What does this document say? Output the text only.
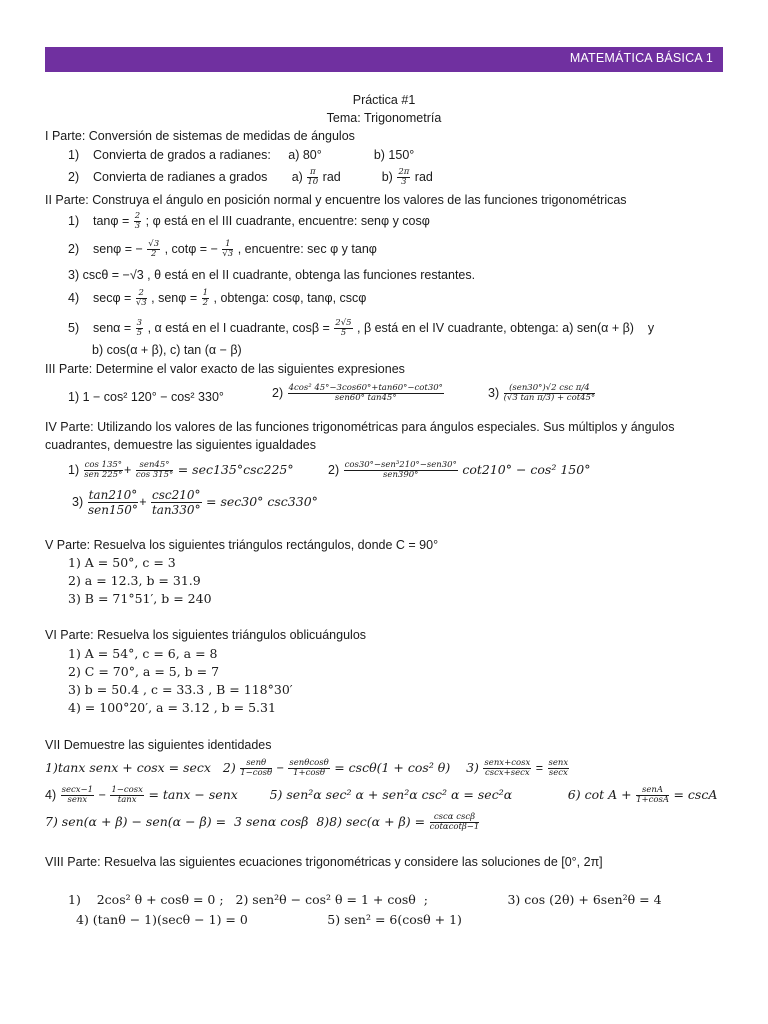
MATEMÁTICA BÁSICA 1
Práctica #1
Tema: Trigonometría
I Parte: Conversión de sistemas de medidas de ángulos
1)    Convierta de grados a radianes:     a) 80°               b) 150°
2)    Convierta de radianes a grados       $a) \frac{\pi}{10}$ rad	$b) \frac{2\pi}{3}$ rad
II Parte: Construya el ángulo en posición normal y encuentre los valores de las funciones trigonométricas
1)    $\tan\varphi = \frac{2}{3}$ ; φ está en el III cuadrante, encuentre: senφ y cosφ
2)    senφ = − $\frac{√3}{2}$ , cotφ = − $\frac{1}{√3}$ , encuentre: sec φ y tanφ
3) cscθ = −√3 , θ está en el II cuadrante, obtenga las funciones restantes.
4)    $\sec\varphi = \frac{2}{√3}$ , $sen\varphi = \frac{1}{2}$ , obtenga: cosφ, tanφ, cscφ
5)    $sen\alpha = \frac{3}{5}$ , α está en el I cuadrante, $\cos\beta = \frac{2√5}{5}$ , β está en el IV cuadrante, obtenga: a) sen(α + β)    y
b) cos(α + β), c) tan (α − β)
III Parte: Determine el valor exacto de las siguientes expresiones
1) 1 − cos² 120° − cos² 330°	$2) \frac{\text{4cos² 45°−3cos60°+tan60°−cot30°}}{\text{sen60° tan45°}}$	$3) \frac{\text{(sen30°)√2 csc π/4}}{\text{(√3 tan π/3) + cot45°}}$
IV Parte: Utilizando los valores de las funciones trigonométricas para ángulos especiales. Sus múltiplos y ángulos
cuadrantes, demuestre las siguientes igualdades
$1) \frac{\cos 135^\circ}{\text{sen 225°}} + \frac{\text{sen45°}}{\cos 315^\circ} = \sec 135^\circ\csc 225^\circ$	$2) \frac{\text{cos30°−sen³210°−sen30°}}{\text{sen390°}} \cot 210^\circ - \cos^2$ 150°
$3) \frac{\tan 210^\circ}{\text{sen150°}} + \frac{\csc 210^\circ}{\tan 330^\circ} = \sec 30^\circ$ csc330°
V Parte: Resuelva los siguientes triángulos rectángulos, donde C = 90°
1) A = 50°, c = 3
2) a = 12.3, b = 31.9
3) B = 71°51′, b = 240
VI Parte: Resuelva los siguientes triángulos oblicuángulos
1) A = 54°, c = 6, a = 8
2) C = 70°, a = 5, b = 7
3) b = 50.4 , c = 33.3 , B = 118°30′
4) = 100°20′, a = 3.12 , b = 5.31
VII Demuestre las siguientes identidades
1)tanx senx + cosx = secx   $2) \frac{\text{senθ}}{1-\cos\theta} - \frac{\text{senθcosθ}}{1+\cos\theta} = \csc\theta(1 + \cos^2$ θ)    $3) \frac{\text{senx+cosx}}{\csc x+\sec x} = \frac{\text{senx}}{\sec x}$
$4) \frac{\sec x-1}{\text{senx}} - \frac{1-\cos x}{\tan x} = \tan x$ − senx        5) sen²α sec² α + sen²α csc² α = sec²α              6) $\cot A + \frac{\text{senA}}{1+\cos A} = \csc A$
7) sen(α + β) − sen(α − β) =  3 senα cosβ  8)8) $\sec(\alpha + \beta) = \frac{\text{cscα cscβ}}{\cot\alpha\cot\beta-1}$
VIII Parte: Resuelva las siguientes ecuaciones trigonométricas y considere las soluciones de [0°, 2π]
1)    2cos² θ + cosθ = 0 ;   2) sen²θ − cos² θ = 1 + cosθ  ;                    3) cos (2θ) + 6sen²θ = 4
4) (tanθ − 1)(secθ − 1) = 0                    5) sen² = 6(cosθ + 1)
